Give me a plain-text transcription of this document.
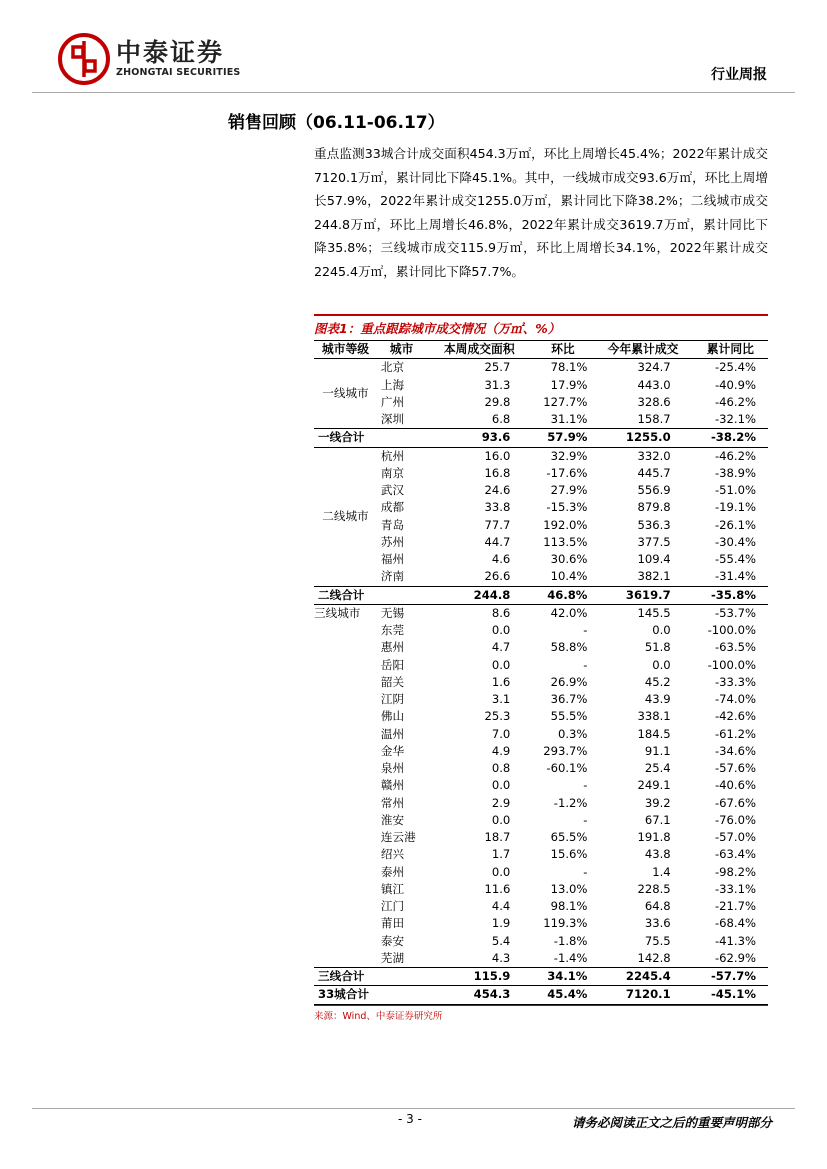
中泰证券
ZHONGTAI SECURITIES	行业周报
销售回顾（06.11-06.17）

重点监测33城合计成交面积454.3万㎡，环比上周增长45.4%；2022年累计成交7120.1万㎡，累计同比下降45.1%。其中，一线城市成交93.6万㎡，环比上周增长57.9%，2022年累计成交1255.0万㎡，累计同比下降38.2%；二线城市成交244.8万㎡，环比上周增长46.8%，2022年累计成交3619.7万㎡，累计同比下降35.8%；三线城市成交115.9万㎡，环比上周增长34.1%，2022年累计成交2245.4万㎡，累计同比下降57.7%。

图表1：重点跟踪城市成交情况（万㎡、%）
城市等级	城市	本周成交面积	环比	今年累计成交	累计同比
一线城市	北京	25.7	78.1%	324.7	-25.4%
	上海	31.3	17.9%	443.0	-40.9%
	广州	29.8	127.7%	328.6	-46.2%
	深圳	6.8	31.1%	158.7	-32.1%
一线合计		93.6	57.9%	1255.0	-38.2%
二线城市	杭州	16.0	32.9%	332.0	-46.2%
	南京	16.8	-17.6%	445.7	-38.9%
	武汉	24.6	27.9%	556.9	-51.0%
	成都	33.8	-15.3%	879.8	-19.1%
	青岛	77.7	192.0%	536.3	-26.1%
	苏州	44.7	113.5%	377.5	-30.4%
	福州	4.6	30.6%	109.4	-55.4%
	济南	26.6	10.4%	382.1	-31.4%
二线合计		244.8	46.8%	3619.7	-35.8%
三线城市	无锡	8.6	42.0%	145.5	-53.7%
	东莞	0.0	-	0.0	-100.0%
	惠州	4.7	58.8%	51.8	-63.5%
	岳阳	0.0	-	0.0	-100.0%
	韶关	1.6	26.9%	45.2	-33.3%
	江阴	3.1	36.7%	43.9	-74.0%
	佛山	25.3	55.5%	338.1	-42.6%
	温州	7.0	0.3%	184.5	-61.2%
	金华	4.9	293.7%	91.1	-34.6%
	泉州	0.8	-60.1%	25.4	-57.6%
	赣州	0.0	-	249.1	-40.6%
	常州	2.9	-1.2%	39.2	-67.6%
	淮安	0.0	-	67.1	-76.0%
	连云港	18.7	65.5%	191.8	-57.0%
	绍兴	1.7	15.6%	43.8	-63.4%
	泰州	0.0	-	1.4	-98.2%
	镇江	11.6	13.0%	228.5	-33.1%
	江门	4.4	98.1%	64.8	-21.7%
	莆田	1.9	119.3%	33.6	-68.4%
	泰安	5.4	-1.8%	75.5	-41.3%
	芜湖	4.3	-1.4%	142.8	-62.9%
三线合计		115.9	34.1%	2245.4	-57.7%
33城合计		454.3	45.4%	7120.1	-45.1%
来源：Wind、中泰证券研究所
- 3 -	请务必阅读正文之后的重要声明部分
